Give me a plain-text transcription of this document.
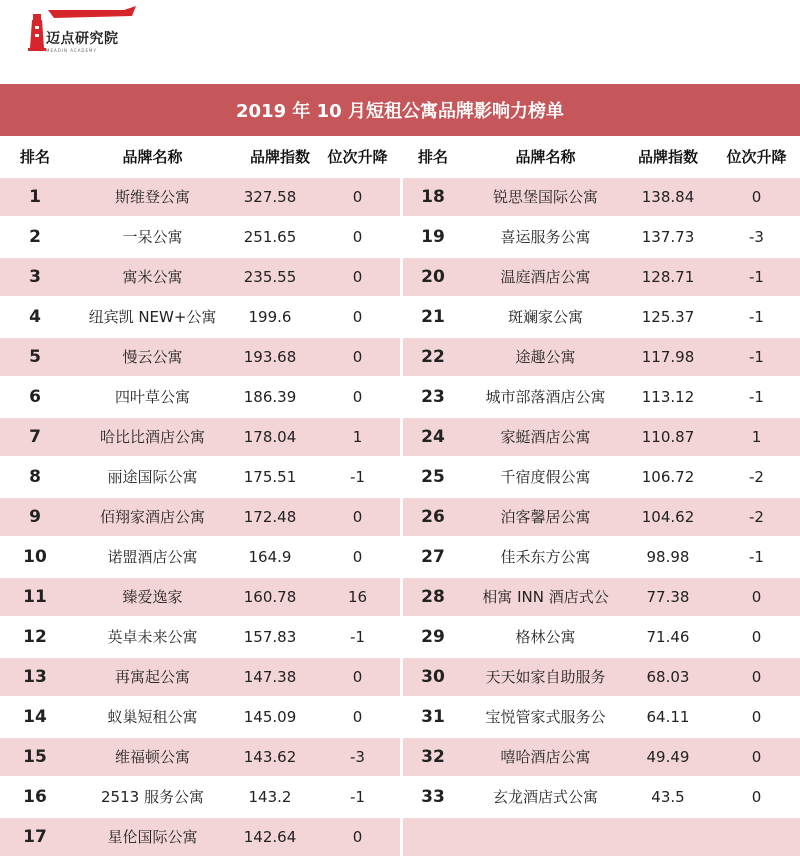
迈点研究院
MEADIN ACADEMY
2019 年 10 月短租公寓品牌影响力榜单
排名	品牌名称	品牌指数	位次升降	排名	品牌名称	品牌指数	位次升降
1	斯维登公寓	327.58	0	18	锐思堡国际公寓	138.84	0
2	一呆公寓	251.65	0	19	喜运服务公寓	137.73	-3
3	寓米公寓	235.55	0	20	温庭酒店公寓	128.71	-1
4	纽宾凯 NEW+公寓	199.6	0	21	斑斓家公寓	125.37	-1
5	慢云公寓	193.68	0	22	途趣公寓	117.98	-1
6	四叶草公寓	186.39	0	23	城市部落酒店公寓	113.12	-1
7	哈比比酒店公寓	178.04	1	24	家蜓酒店公寓	110.87	1
8	丽途国际公寓	175.51	-1	25	千宿度假公寓	106.72	-2
9	佰翔家酒店公寓	172.48	0	26	泊客馨居公寓	104.62	-2
10	诺盟酒店公寓	164.9	0	27	佳禾东方公寓	98.98	-1
11	臻爱逸家	160.78	16	28	相寓 INN 酒店式公	77.38	0
12	英卓未来公寓	157.83	-1	29	格林公寓	71.46	0
13	再寓起公寓	147.38	0	30	天天如家自助服务	68.03	0
14	蚁巢短租公寓	145.09	0	31	宝悦管家式服务公	64.11	0
15	维福顿公寓	143.62	-3	32	嘻哈酒店公寓	49.49	0
16	2513 服务公寓	143.2	-1	33	玄龙酒店式公寓	43.5	0
17	星伦国际公寓	142.64	0
